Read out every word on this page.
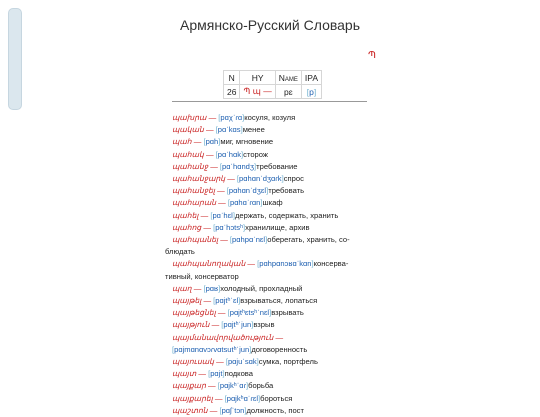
Армянско-Русский Словарь
Պ
N	HY	Name	IPA
26	Պ պ —	pɛ	[p]
պախրա — [ pɑχˈɾɑ ] косуля, козуля
պական — [ pɑˈkɑs ] менее
պահ — [ pɑh ] миг, мгновение
պահակ — [ pɑˈhɑk ] сторож
պահանջ — [ pɑˈhɑndʒ ] требование
պահանջարկ — [ pɑhɑnˈdʒɑɾk ] спрос
պահանջել — [ pɑhɑnˈdʒɛl ] требовать
պահարան — [ pɑhɑˈɾɑn ] шкаф
պահել — [ pɑˈhɛl ] держать, содержать, хранить
պահոց — [ pɑˈhɔtsʰ ] хранилище, архив
պահպանել — [ pɑhpɑˈnɛl ] оберегать, хранить, со-
блюдать
պահպանողական — [ pɑhpɑnɔʁɑˈkɑn ] консерва-
тивный, консерватор
պաղ — [ pɑʁ ] холодный, прохладный
պայթել — [ pɑjtʰˈɛl ] взрываться, лопаться
պայթեցնել — [ pɑjtʰɛtsʰˈnɛl ] взрывать
պայթյուն — [ pɑjtʰˈjun ] взрыв
պայմանավորվածություն —
[ pɑjmɑnɑvɔɾvɑtsutʰˈjun ] договоренность
պայուսակ — [ pɑjuˈsɑk ] сумка, портфель
պայտ — [ pɑjt ] подкова
պայքար — [ pɑjkʰˈɑɾ ] борьба
պայքարել — [ pɑjkʰɑˈɾɛl ] бороться
պաշտոն — [ pɑʃˈtɔn ] должность, пост
